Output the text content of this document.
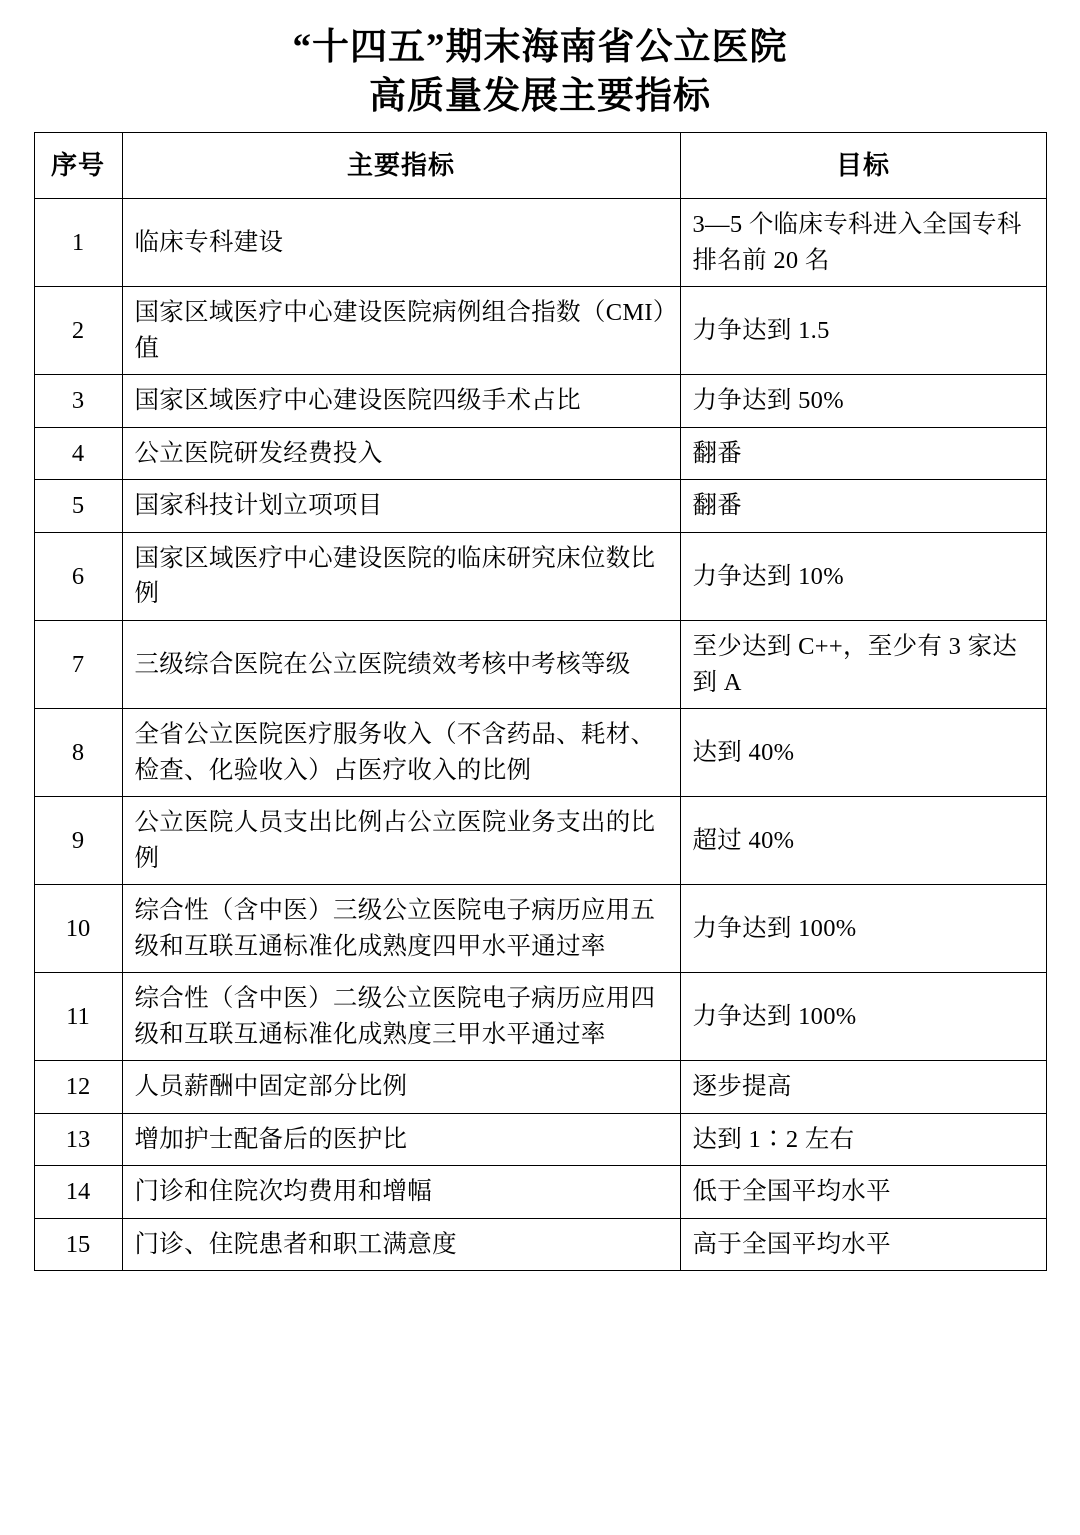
“十四五”期末海南省公立医院
高质量发展主要指标
序号	主要指标	目标
1	临床专科建设	3—5 个临床专科进入全国专科排名前 20 名
2	国家区域医疗中心建设医院病例组合指数（CMI）值	力争达到 1.5
3	国家区域医疗中心建设医院四级手术占比	力争达到 50%
4	公立医院研发经费投入	翻番
5	国家科技计划立项项目	翻番
6	国家区域医疗中心建设医院的临床研究床位数比例	力争达到 10%
7	三级综合医院在公立医院绩效考核中考核等级	至少达到 C++，至少有 3 家达到 A
8	全省公立医院医疗服务收入（不含药品、耗材、检查、化验收入）占医疗收入的比例	达到 40%
9	公立医院人员支出比例占公立医院业务支出的比例	超过 40%
10	综合性（含中医）三级公立医院电子病历应用五级和互联互通标准化成熟度四甲水平通过率	力争达到 100%
11	综合性（含中医）二级公立医院电子病历应用四级和互联互通标准化成熟度三甲水平通过率	力争达到 100%
12	人员薪酬中固定部分比例	逐步提高
13	增加护士配备后的医护比	达到 1∶2 左右
14	门诊和住院次均费用和增幅	低于全国平均水平
15	门诊、住院患者和职工满意度	高于全国平均水平
